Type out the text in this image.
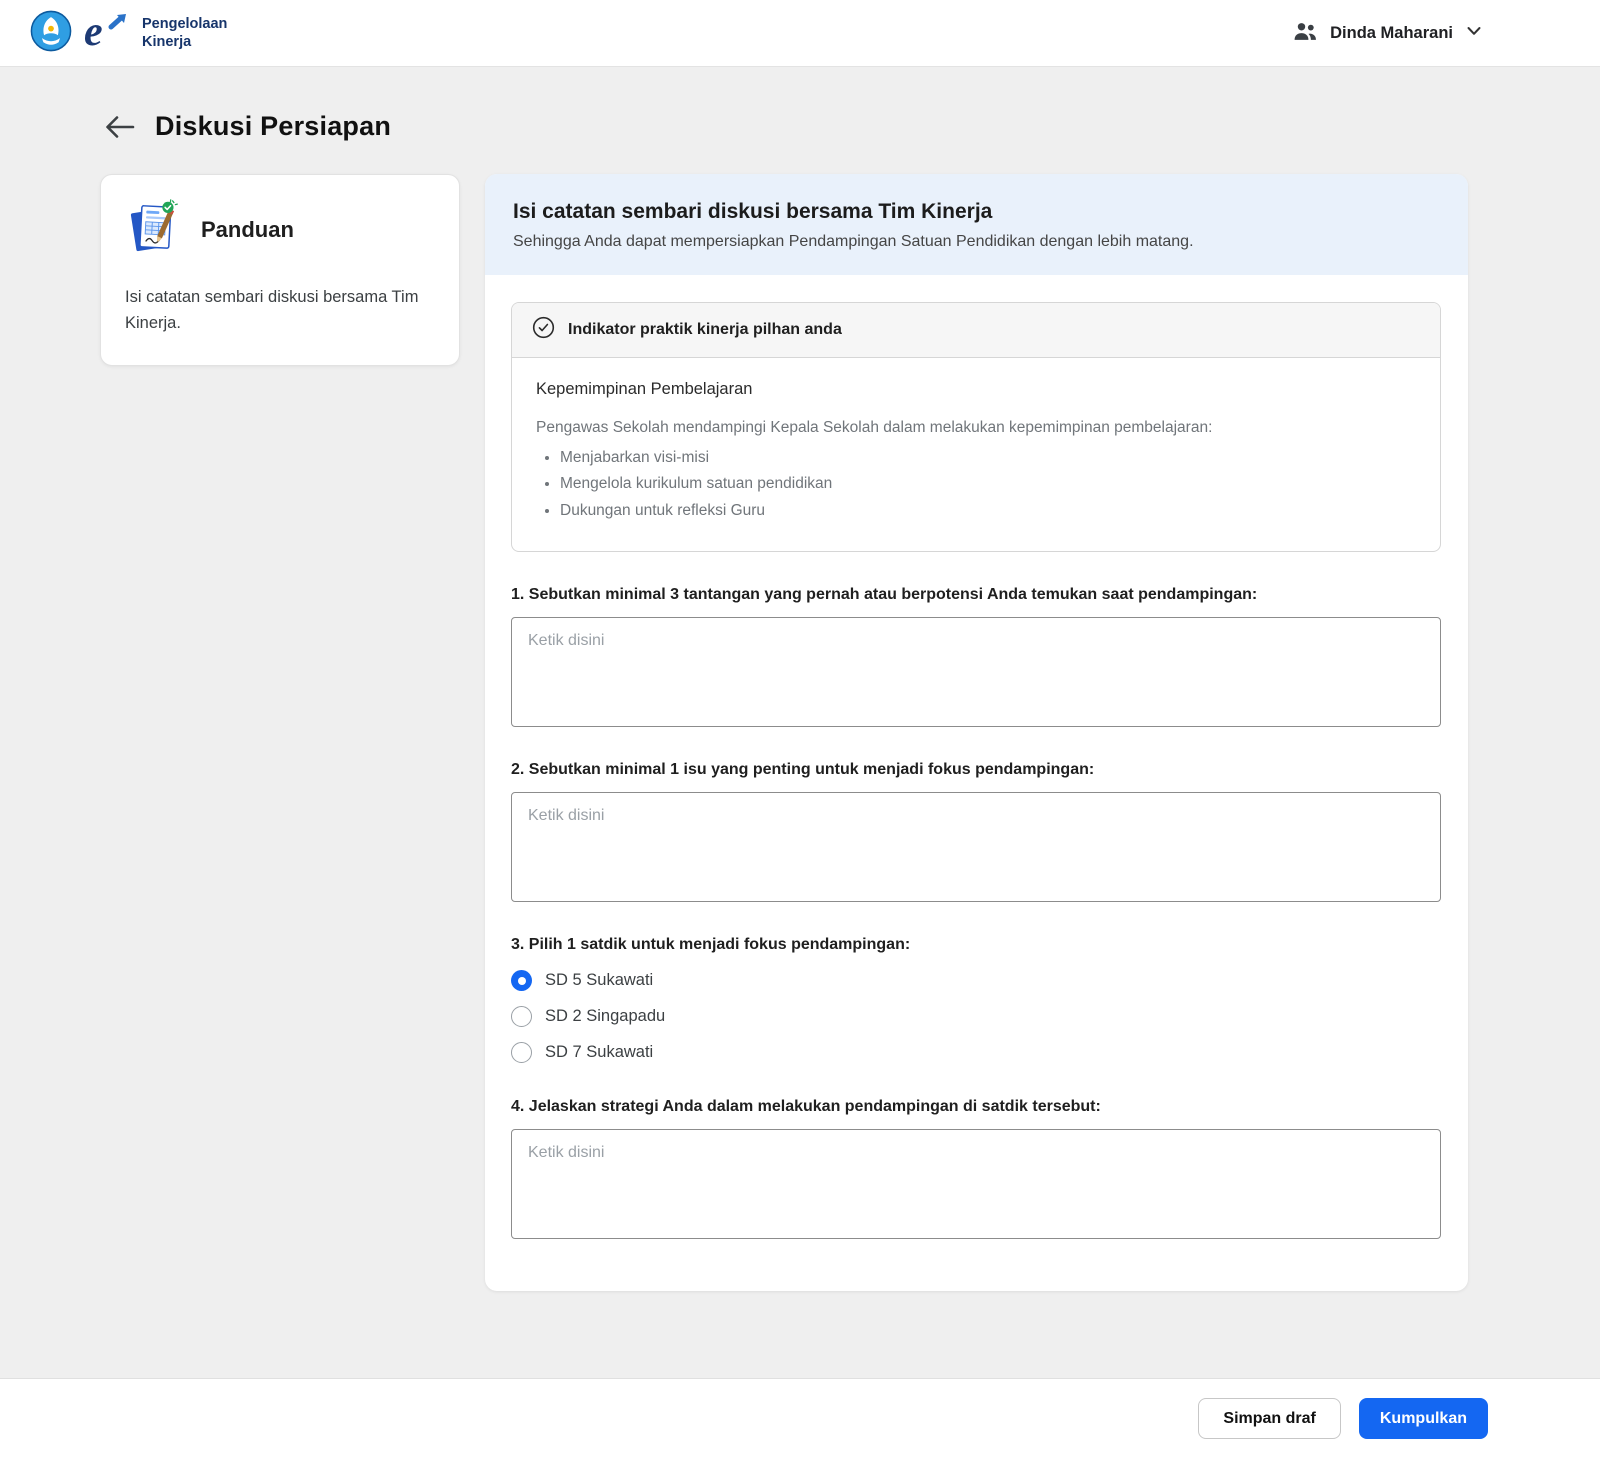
e	Pengelolaan
Kinerja
Dinda Maharani
Diskusi Persiapan
Panduan

Isi catatan sembari diskusi bersama Tim Kinerja.

Isi catatan sembari diskusi bersama Tim Kinerja

Sehingga Anda dapat mempersiapkan Pendampingan Satuan Pendidikan dengan lebih matang.

Indikator praktik kinerja pilhan anda
Kepemimpinan Pembelajaran

Pengawas Sekolah mendampingi Kepala Sekolah dalam melakukan kepemimpinan pembelajaran:

• Menjabarkan visi-misi
• Mengelola kurikulum satuan pendidikan
• Dukungan untuk refleksi Guru
1. Sebutkan minimal 3 tantangan yang pernah atau berpotensi Anda temukan saat pendampingan:
Ketik disini
2. Sebutkan minimal 1 isu yang penting untuk menjadi fokus pendampingan:
Ketik disini
3. Pilih 1 satdik untuk menjadi fokus pendampingan:
SD 5 Sukawati
SD 2 Singapadu
SD 7 Sukawati
4. Jelaskan strategi Anda dalam melakukan pendampingan di satdik tersebut:
Ketik disini
Simpan draf	Kumpulkan
